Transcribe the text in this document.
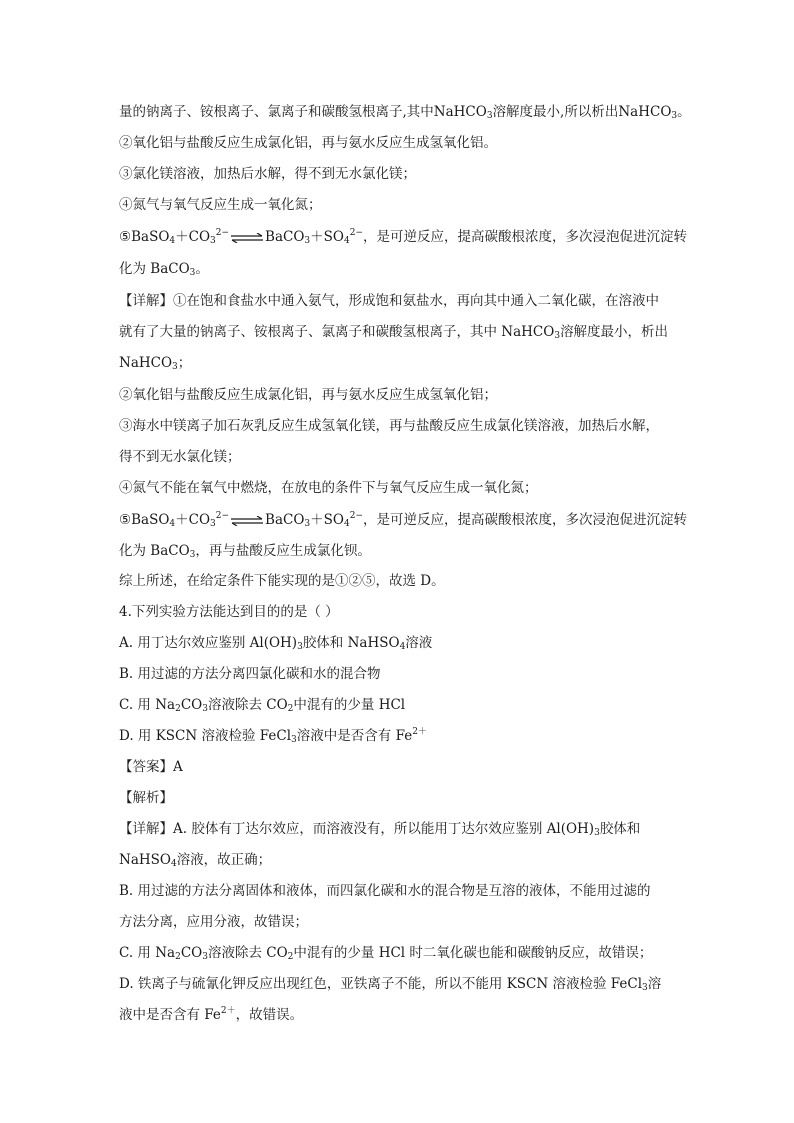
量的钠离子、铵根离子、氯离子和碳酸氢根离子,其中NaHCO$_3$溶解度最小,所以析出NaHCO$_3$。
②氧化铝与盐酸反应生成氯化铝，再与氨水反应生成氢氧化铝。
③氯化镁溶液，加热后水解，得不到无水氯化镁；
④氮气与氧气反应生成一氧化氮；
$⑤BaSO_4+CO_3^{2-}\rightleftharpoons BaCO_3+SO_4^{2-}$，是可逆反应，提高碳酸根浓度，多次浸泡促进沉淀转
化为 BaCO$_3$。
【详解】①在饱和食盐水中通入氨气，形成饱和氨盐水，再向其中通入二氧化碳，在溶液中
就有了大量的钠离子、铵根离子、氯离子和碳酸氢根离子，其中 NaHCO$_3$溶解度最小，析出
NaHCO$_3$；
②氧化铝与盐酸反应生成氯化铝，再与氨水反应生成氢氧化铝；
③海水中镁离子加石灰乳反应生成氢氧化镁，再与盐酸反应生成氯化镁溶液，加热后水解，
得不到无水氯化镁；
④氮气不能在氧气中燃烧，在放电的条件下与氧气反应生成一氧化氮；
$⑤BaSO_4+CO_3^{2-}\rightleftharpoons BaCO_3+SO_4^{2-}$，是可逆反应，提高碳酸根浓度，多次浸泡促进沉淀转
化为 BaCO$_3$，再与盐酸反应生成氯化钡。
综上所述，在给定条件下能实现的是①②⑤，故选 D。
4.下列实验方法能达到目的的是（ ）
A. 用丁达尔效应鉴别 $Al(OH)_3$胶体和 NaHSO$_4$溶液
B. 用过滤的方法分离四氯化碳和水的混合物
C. 用 $Na_2CO_3$溶液除去 $CO_2$中混有的少量 HCl
D. 用 KSCN 溶液检验 FeCl$_3$溶液中是否含有 $Fe^{2+}$
【答案】A
【解析】
【详解】A. 胶体有丁达尔效应，而溶液没有，所以能用丁达尔效应鉴别 $Al(OH)_3$胶体和
NaHSO$_4$溶液，故正确；
B. 用过滤的方法分离固体和液体，而四氯化碳和水的混合物是互溶的液体，不能用过滤的
方法分离，应用分液，故错误；
C. 用 $Na_2CO_3$溶液除去 $CO_2$中混有的少量 HCl 时二氧化碳也能和碳酸钠反应，故错误；
D. 铁离子与硫氰化钾反应出现红色，亚铁离子不能，所以不能用 KSCN 溶液检验 FeCl$_3$溶
液中是否含有 $Fe^{2+}$，故错误。
